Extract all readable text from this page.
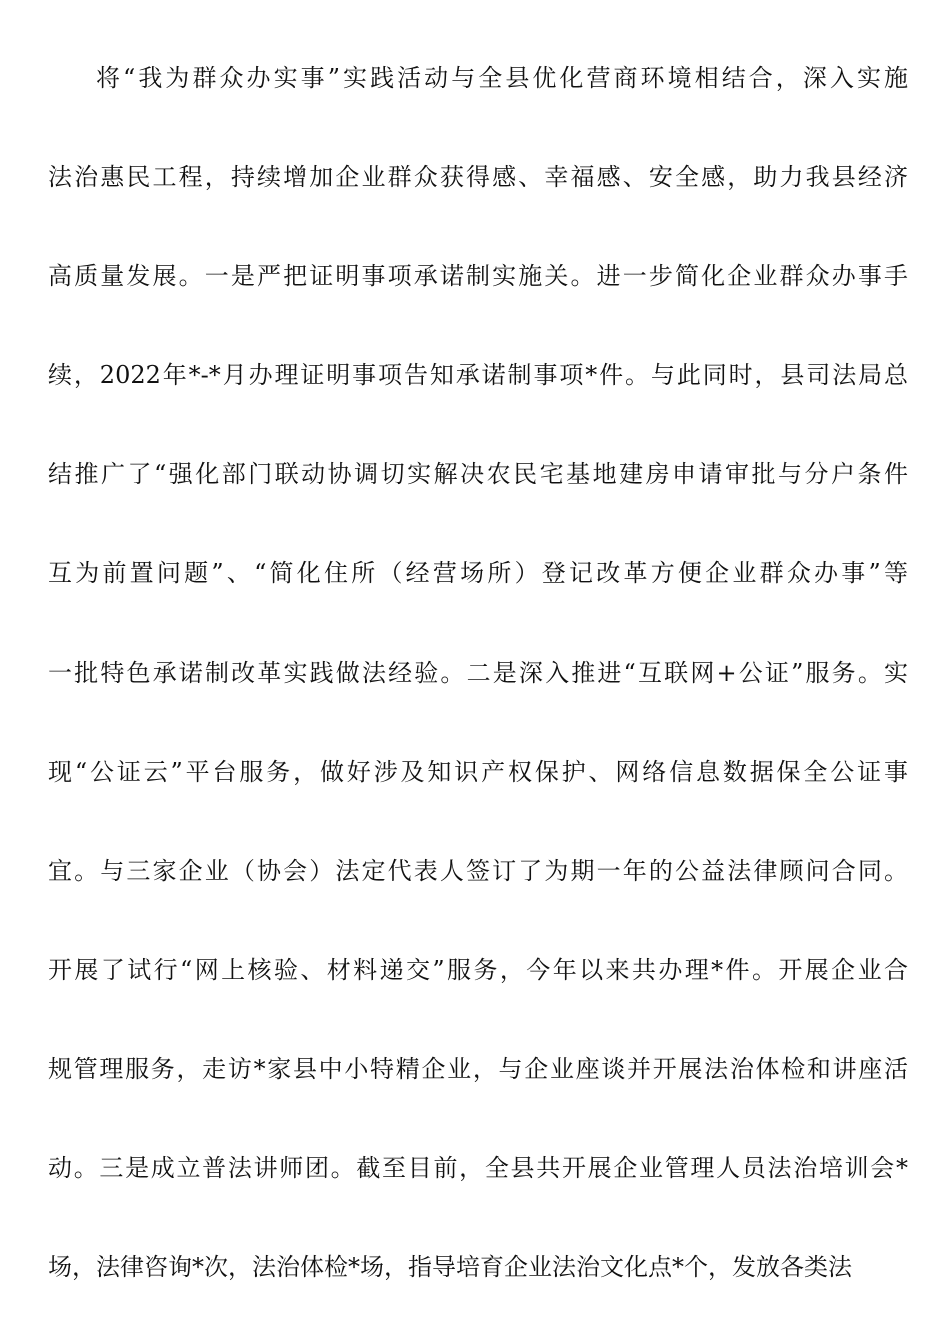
将“我为群众办实事”实践活动与全县优化营商环境相结合，深入实施
法治惠民工程，持续增加企业群众获得感、幸福感、安全感，助力我县经济
高质量发展。一是严把证明事项承诺制实施关。进一步简化企业群众办事手
续，2022年*-*月办理证明事项告知承诺制事项*件。与此同时，县司法局总
结推广了“强化部门联动协调切实解决农民宅基地建房申请审批与分户条件
互为前置问题”、“简化住所（经营场所）登记改革方便企业群众办事”等
一批特色承诺制改革实践做法经验。二是深入推进“互联网+公证”服务。实
现“公证云”平台服务，做好涉及知识产权保护、网络信息数据保全公证事
宜。与三家企业（协会）法定代表人签订了为期一年的公益法律顾问合同。
开展了试行“网上核验、材料递交”服务，今年以来共办理*件。开展企业合
规管理服务，走访*家县中小特精企业，与企业座谈并开展法治体检和讲座活
动。三是成立普法讲师团。截至目前，全县共开展企业管理人员法治培训会*
场，法律咨询*次，法治体检*场，指导培育企业法治文化点*个，发放各类法
